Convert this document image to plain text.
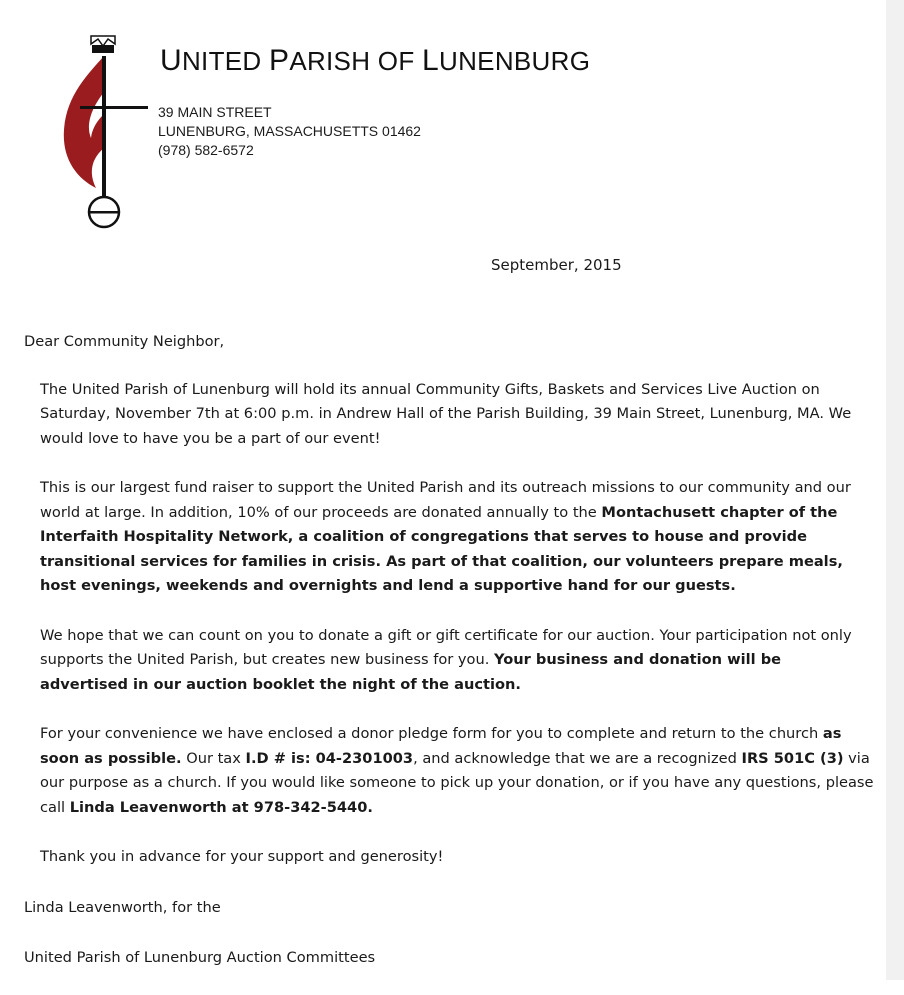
UNITED PARISH OF LUNENBURG
39 MAIN STREET
LUNENBURG, MASSACHUSETTS 01462
(978) 582-6572
September, 2015

Dear Community Neighbor,

The United Parish of Lunenburg will hold its annual Community Gifts, Baskets and Services Live Auction on Saturday, November 7th at 6:00 p.m. in Andrew Hall of the Parish Building, 39 Main Street, Lunenburg, MA. We would love to have you be a part of our event!

This is our largest fund raiser to support the United Parish and its outreach missions to our community and our world at large. In addition, 10% of our proceeds are donated annually to the Montachusett chapter of the Interfaith Hospitality Network, a coalition of congregations that serves to house and provide transitional services for families in crisis. As part of that coalition, our volunteers prepare meals, host evenings, weekends and overnights and lend a supportive hand for our guests.

We hope that we can count on you to donate a gift or gift certificate for our auction. Your participation not only supports the United Parish, but creates new business for you. Your business and donation will be advertised in our auction booklet the night of the auction.

For your convenience we have enclosed a donor pledge form for you to complete and return to the church as soon as possible. Our tax I.D # is: 04-2301003, and acknowledge that we are a recognized IRS 501C (3) via our purpose as a church. If you would like someone to pick up your donation, or if you have any questions, please call Linda Leavenworth at 978-342-5440.

Thank you in advance for your support and generosity!

Linda Leavenworth, for the

United Parish of Lunenburg Auction Committees
